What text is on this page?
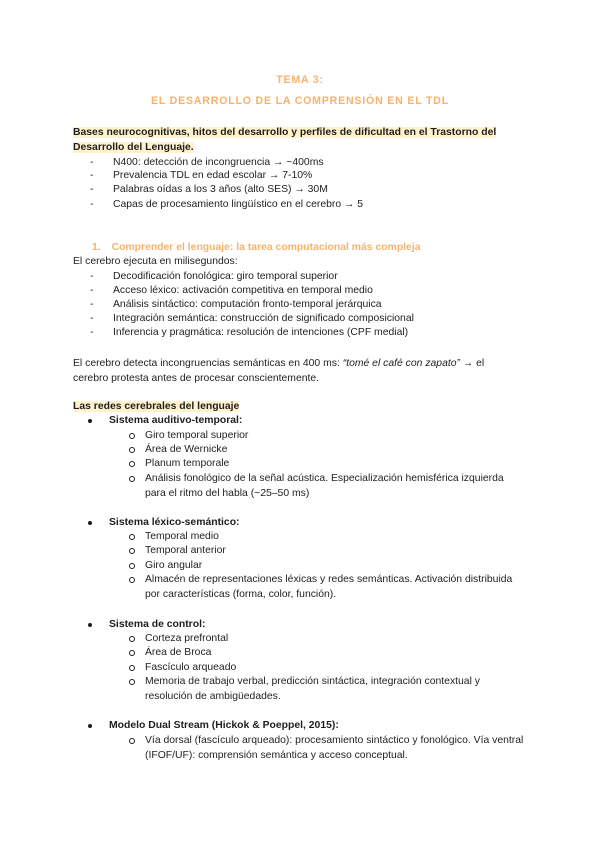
TEMA 3:
EL DESARROLLO DE LA COMPRENSIÓN EN EL TDL
Bases neurocognitivas, hitos del desarrollo y perfiles de dificultad en el Trastorno del
Desarrollo del Lenguaje.
- N400: detección de incongruencia → ~400ms
- Prevalencia TDL en edad escolar → 7-10%
- Palabras oídas a los 3 años (alto SES) → 30M
- Capas de procesamiento lingüístico en el cerebro → 5
1. Comprender el lenguaje: la tarea computacional más compleja
El cerebro ejecuta en milisegundos:
- Decodificación fonológica: giro temporal superior
- Acceso léxico: activación competitiva en temporal medio
- Análisis sintáctico: computación fronto-temporal jerárquica
- Integración semántica: construcción de significado composicional
- Inferencia y pragmática: resolución de intenciones (CPF medial)
El cerebro detecta incongruencias semánticas en 400 ms: “tomé el café con zapato” → el
cerebro protesta antes de procesar conscientemente.
Las redes cerebrales del lenguaje
Sistema auditivo-temporal:
Giro temporal superior
Área de Wernicke
Planum temporale
Análisis fonológico de la señal acústica. Especialización hemisférica izquierda para el ritmo del habla (~25–50 ms)
Sistema léxico-semántico:
Temporal medio
Temporal anterior
Giro angular
Almacén de representaciones léxicas y redes semánticas. Activación distribuida por características (forma, color, función).
Sistema de control:
Corteza prefrontal
Área de Broca
Fascículo arqueado
Memoria de trabajo verbal, predicción sintáctica, integración contextual y resolución de ambigüedades.
Modelo Dual Stream (Hickok & Poeppel, 2015):
Vía dorsal (fascículo arqueado): procesamiento sintáctico y fonológico. Vía ventral (IFOF/UF): comprensión semántica y acceso conceptual.
